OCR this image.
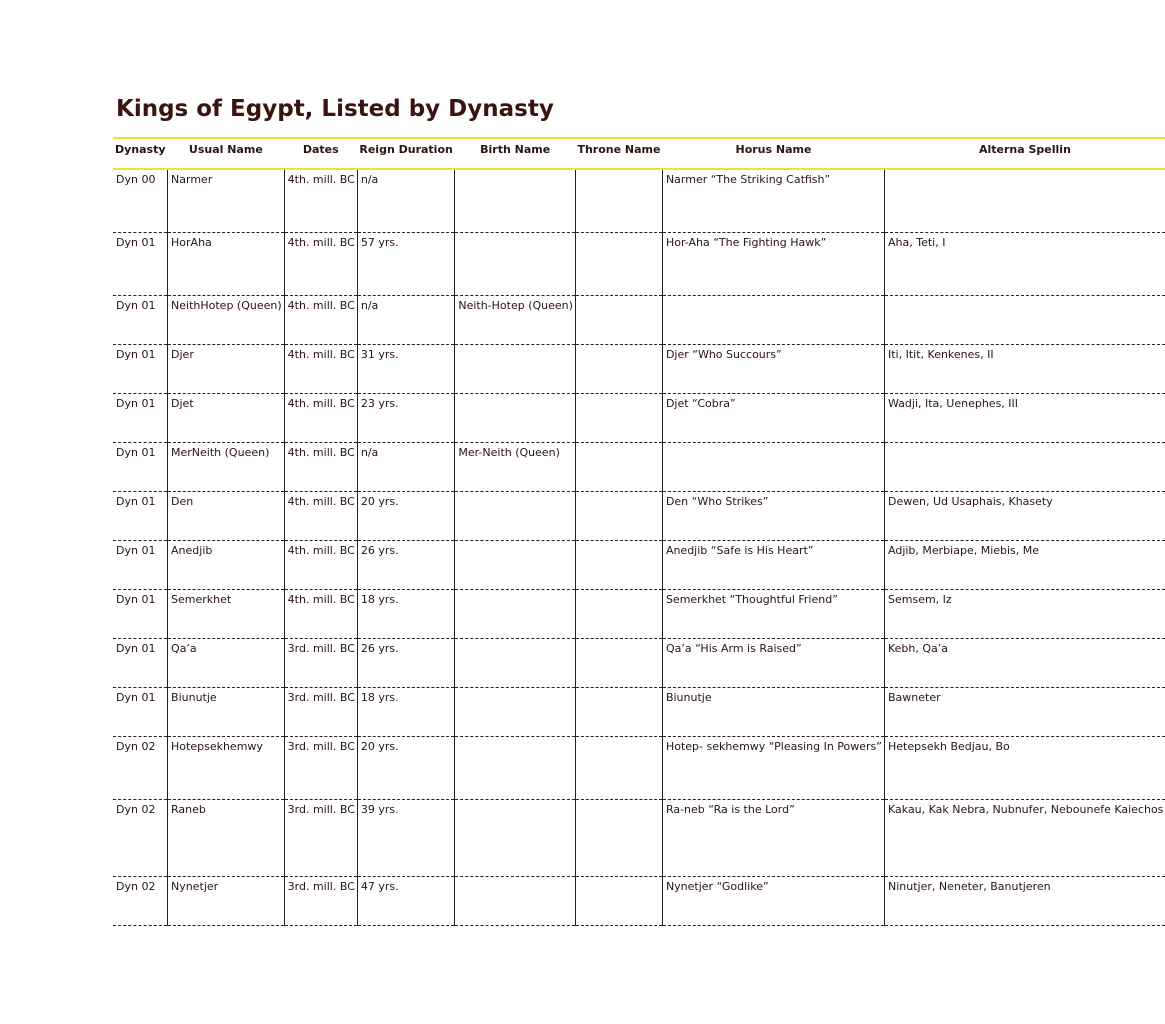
Kings of Egypt, Listed by Dynasty
Dynasty	Usual Name	Dates	Reign Duration	Birth Name	Throne Name	Horus Name	Alterna Spellin
Dyn 00	Narmer	4th. mill. BC	n/a			Narmer “The Striking Catfish”	
Dyn 01	HorAha	4th. mill. BC	57 yrs.			Hor-Aha “The Fighting Hawk”	Aha, Teti, I
Dyn 01	NeithHotep (Queen)	4th. mill. BC	n/a	Neith-Hotep (Queen)			
Dyn 01	Djer	4th. mill. BC	31 yrs.			Djer “Who Succours”	Iti, Itit, Kenkenes, II
Dyn 01	Djet	4th. mill. BC	23 yrs.			Djet “Cobra”	Wadji, Ita, Uenephes, III
Dyn 01	MerNeith (Queen)	4th. mill. BC	n/a	Mer-Neith (Queen)			
Dyn 01	Den	4th. mill. BC	20 yrs.			Den “Who Strikes”	Dewen, Ud Usaphais, Khasety
Dyn 01	Anedjib	4th. mill. BC	26 yrs.			Anedjib “Safe is His Heart”	Adjib, Merbiape, Miebis, Me
Dyn 01	Semerkhet	4th. mill. BC	18 yrs.			Semerkhet “Thoughtful Friend”	Semsem, Iz
Dyn 01	Qa’a	3rd. mill. BC	26 yrs.			Qa’a “His Arm is Raised”	Kebh, Qa’a
Dyn 01	Biunutje	3rd. mill. BC	18 yrs.			Biunutje	Bawneter
Dyn 02	Hotepsekhemwy	3rd. mill. BC	20 yrs.			Hotep- sekhemwy “Pleasing In Powers”	Hetepsekh Bedjau, Bo
Dyn 02	Raneb	3rd. mill. BC	39 yrs.			Ra-neb “Ra is the Lord”	Kakau, Kak Nebra, Nubnufer, Nebounefe Kaiechos
Dyn 02	Nynetjer	3rd. mill. BC	47 yrs.			Nynetjer “Godlike”	Ninutjer, Neneter, Banutjeren
